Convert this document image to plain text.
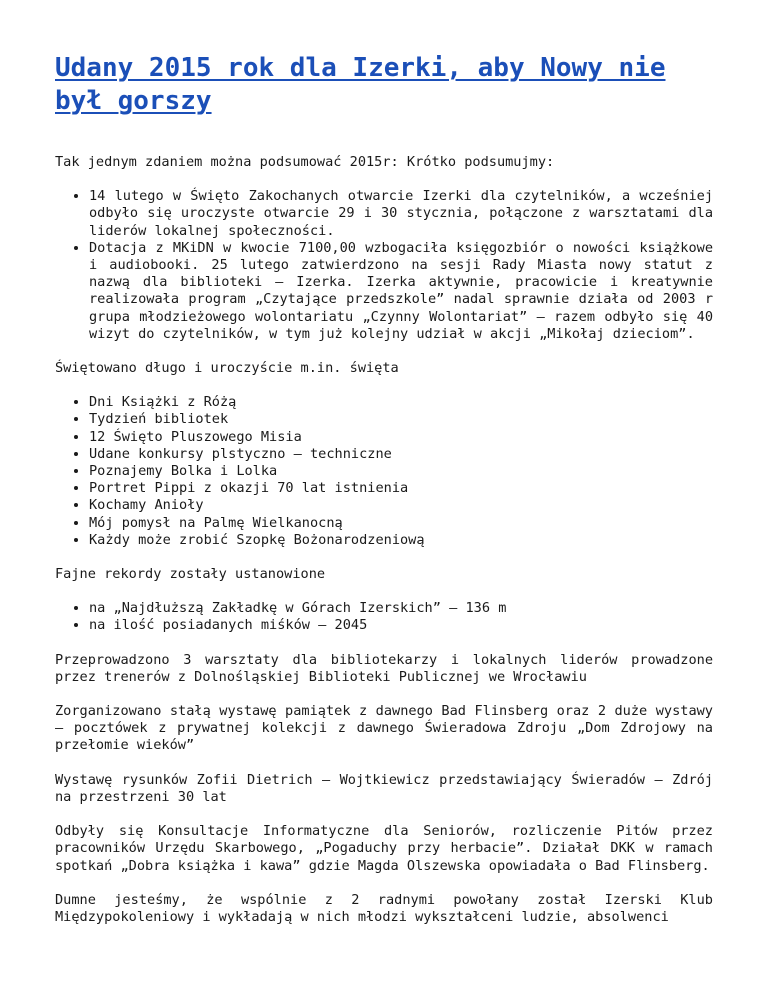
Udany 2015 rok dla Izerki, aby Nowy nie był gorszy

Tak jednym zdaniem można podsumować 2015r: Krótko podsumujmy:

• 14 lutego w Święto Zakochanych otwarcie Izerki dla czytelników, a wcześniej odbyło się uroczyste otwarcie 29 i 30 stycznia, połączone z warsztatami dla liderów lokalnej społeczności.
• Dotacja z MKiDN w kwocie 7100,00 wzbogaciła księgozbiór o nowości książkowe i audiobooki. 25 lutego zatwierdzono na sesji Rady Miasta nowy statut z nazwą dla biblioteki – Izerka. Izerka aktywnie, pracowicie i kreatywnie realizowała program „Czytające przedszkole” nadal sprawnie działa od 2003 r grupa młodzieżowego wolontariatu „Czynny Wolontariat” – razem odbyło się 40 wizyt do czytelników, w tym już kolejny udział w akcji „Mikołaj dzieciom”.

Świętowano długo i uroczyście m.in. święta

• Dni Książki z Różą
• Tydzień bibliotek
• 12 Święto Pluszowego Misia
• Udane konkursy plstyczno – techniczne
• Poznajemy Bolka i Lolka
• Portret Pippi z okazji 70 lat istnienia
• Kochamy Anioły
• Mój pomysł na Palmę Wielkanocną
• Każdy może zrobić Szopkę Bożonarodzeniową

Fajne rekordy zostały ustanowione

• na „Najdłuższą Zakładkę w Górach Izerskich” – 136 m
• na ilość posiadanych miśków – 2045

Przeprowadzono 3 warsztaty dla bibliotekarzy i lokalnych liderów prowadzone przez trenerów z Dolnośląskiej Biblioteki Publicznej we Wrocławiu

Zorganizowano stałą wystawę pamiątek z dawnego Bad Flinsberg oraz 2 duże wystawy – pocztówek z prywatnej kolekcji z dawnego Świeradowa Zdroju „Dom Zdrojowy na przełomie wieków”

Wystawę rysunków Zofii Dietrich – Wojtkiewicz przedstawiający Świeradów – Zdrój na przestrzeni 30 lat

Odbyły się Konsultacje Informatyczne dla Seniorów, rozliczenie Pitów przez pracowników Urzędu Skarbowego, „Pogaduchy przy herbacie”. Działał DKK w ramach spotkań „Dobra książka i kawa” gdzie Magda Olszewska opowiadała o Bad Flinsberg.

Dumne jesteśmy, że wspólnie z 2 radnymi powołany został Izerski Klub Międzypokoleniowy i wykładają w nich młodzi wykształceni ludzie, absolwenci
